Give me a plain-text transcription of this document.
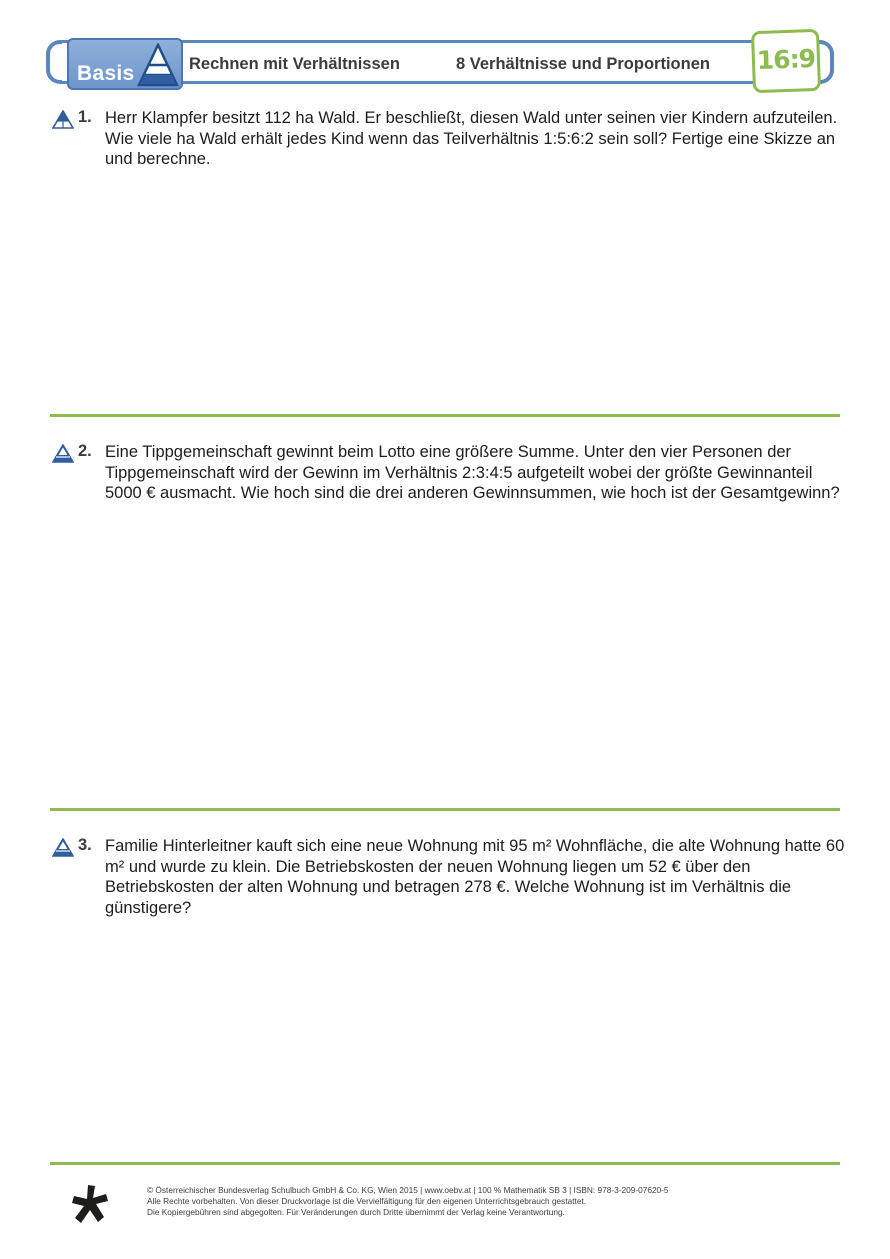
Basis	Rechnen mit Verhältnissen	8 Verhältnisse und Proportionen 16:9
1. Herr Klampfer besitzt 112 ha Wald. Er beschließt, diesen Wald unter seinen vier Kindern aufzuteilen. Wie viele ha Wald erhält jedes Kind wenn das Teilverhältnis 1:5:6:2 sein soll? Fertige eine Skizze an und berechne.

2. Eine Tippgemeinschaft gewinnt beim Lotto eine größere Summe. Unter den vier Personen der Tippgemeinschaft wird der Gewinn im Verhältnis 2:3:4:5 aufgeteilt wobei der größte Gewinnanteil 5000 € ausmacht. Wie hoch sind die drei anderen Gewinnsummen, wie hoch ist der Gesamtgewinn?

3. Familie Hinterleitner kauft sich eine neue Wohnung mit 95 m² Wohnfläche, die alte Wohnung hatte 60 m² und wurde zu klein. Die Betriebskosten der neuen Wohnung liegen um 52 € über den Betriebskosten der alten Wohnung und betragen 278 €. Welche Wohnung ist im Verhältnis die günstigere?

© Österreichischer Bundesverlag Schulbuch GmbH & Co. KG, Wien 2015 | www.oebv.at | 100 % Mathematik SB 3 | ISBN: 978-3-209-07620-5
Alle Rechte vorbehalten. Von dieser Druckvorlage ist die Vervielfältigung für den eigenen Unterrichtsgebrauch gestattet.
Die Kopiergebühren sind abgegolten. Für Veränderungen durch Dritte übernimmt der Verlag keine Verantwortung.
